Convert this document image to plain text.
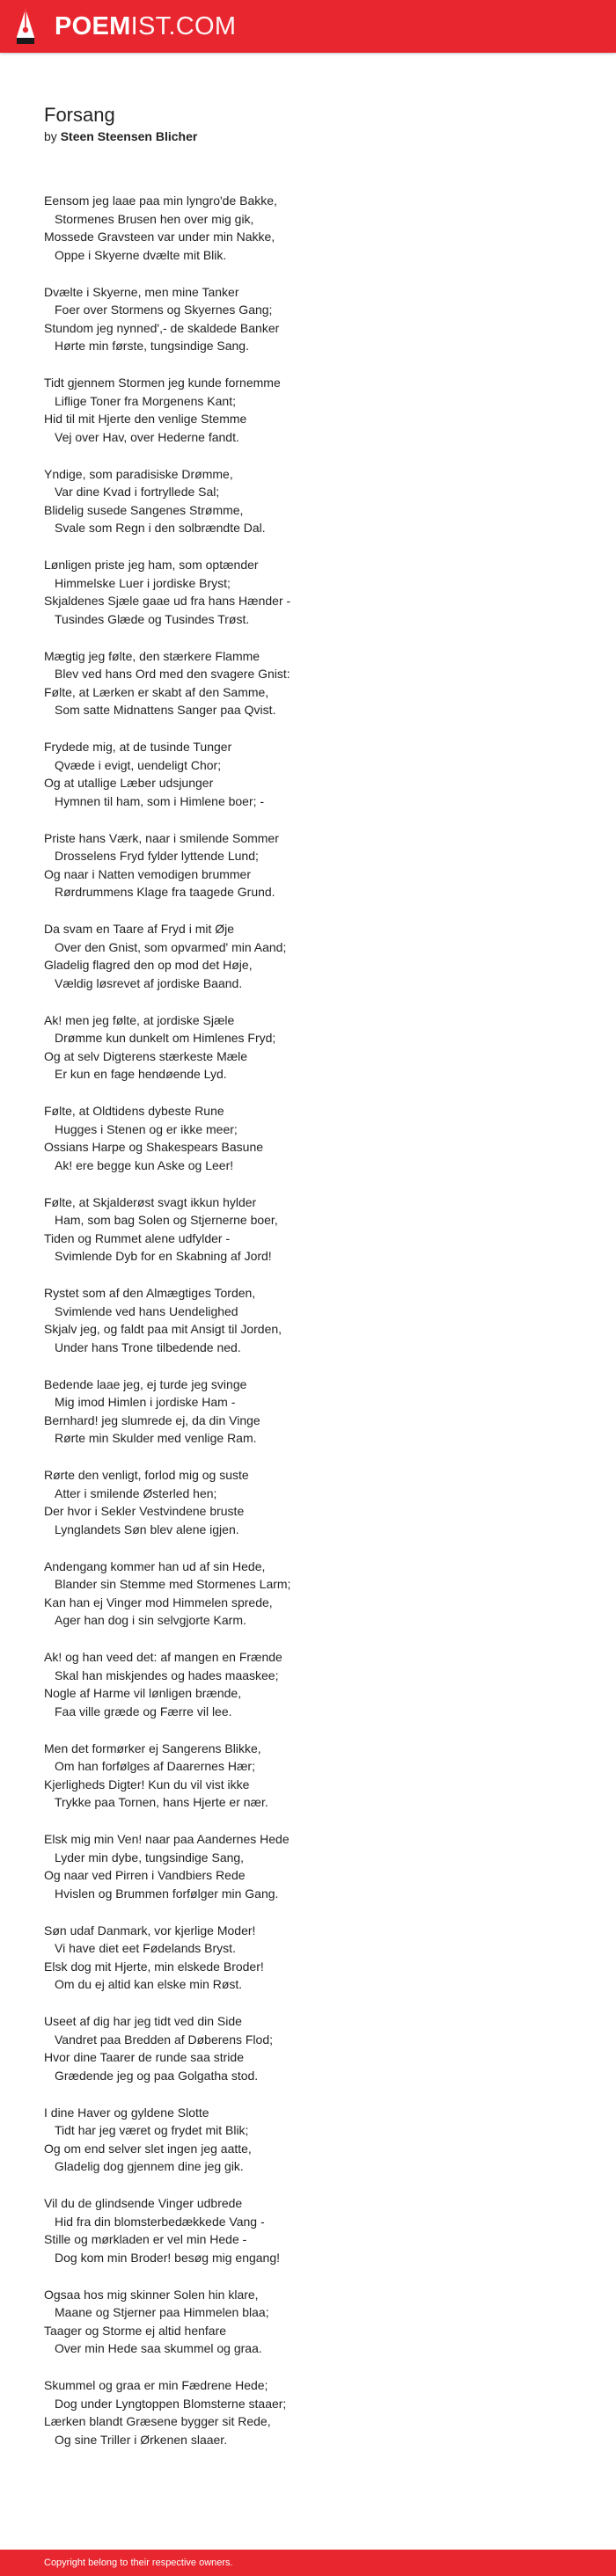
POEMIST.COM
Forsang
by Steen Steensen Blicher
Eensom jeg laae paa min lyngro'de Bakke,
Stormenes Brusen hen over mig gik,
Mossede Gravsteen var under min Nakke,
Oppe i Skyerne dvælte mit Blik.
Dvælte i Skyerne, men mine Tanker
Foer over Stormens og Skyernes Gang;
Stundom jeg nynned',- de skaldede Banker
Hørte min første, tungsindige Sang.
Tidt gjennem Stormen jeg kunde fornemme
Liflige Toner fra Morgenens Kant;
Hid til mit Hjerte den venlige Stemme
Vej over Hav, over Hederne fandt.
Yndige, som paradisiske Drømme,
Var dine Kvad i fortryllede Sal;
Blidelig susede Sangenes Strømme,
Svale som Regn i den solbrændte Dal.
Lønligen priste jeg ham, som optænder
Himmelske Luer i jordiske Bryst;
Skjaldenes Sjæle gaae ud fra hans Hænder -
Tusindes Glæde og Tusindes Trøst.
Mægtig jeg følte, den stærkere Flamme
Blev ved hans Ord med den svagere Gnist:
Følte, at Lærken er skabt af den Samme,
Som satte Midnattens Sanger paa Qvist.
Frydede mig, at de tusinde Tunger
Qvæde i evigt, uendeligt Chor;
Og at utallige Læber udsjunger
Hymnen til ham, som i Himlene boer; -
Priste hans Værk, naar i smilende Sommer
Drosselens Fryd fylder lyttende Lund;
Og naar i Natten vemodigen brummer
Rørdrummens Klage fra taagede Grund.
Da svam en Taare af Fryd i mit Øje
Over den Gnist, som opvarmed' min Aand;
Gladelig flagred den op mod det Høje,
Vældig løsrevet af jordiske Baand.
Ak! men jeg følte, at jordiske Sjæle
Drømme kun dunkelt om Himlenes Fryd;
Og at selv Digterens stærkeste Mæle
Er kun en fage hendøende Lyd.
Følte, at Oldtidens dybeste Rune
Hugges i Stenen og er ikke meer;
Ossians Harpe og Shakespears Basune
Ak! ere begge kun Aske og Leer!
Følte, at Skjalderøst svagt ikkun hylder
Ham, som bag Solen og Stjernerne boer,
Tiden og Rummet alene udfylder -
Svimlende Dyb for en Skabning af Jord!
Rystet som af den Almægtiges Torden,
Svimlende ved hans Uendelighed
Skjalv jeg, og faldt paa mit Ansigt til Jorden,
Under hans Trone tilbedende ned.
Bedende laae jeg, ej turde jeg svinge
Mig imod Himlen i jordiske Ham -
Bernhard! jeg slumrede ej, da din Vinge
Rørte min Skulder med venlige Ram.
Rørte den venligt, forlod mig og suste
Atter i smilende Østerled hen;
Der hvor i Sekler Vestvindene bruste
Lynglandets Søn blev alene igjen.
Andengang kommer han ud af sin Hede,
Blander sin Stemme med Stormenes Larm;
Kan han ej Vinger mod Himmelen sprede,
Ager han dog i sin selvgjorte Karm.
Ak! og han veed det: af mangen en Frænde
Skal han miskjendes og hades maaskee;
Nogle af Harme vil lønligen brænde,
Faa ville græde og Færre vil lee.
Men det formørker ej Sangerens Blikke,
Om han forfølges af Daarernes Hær;
Kjerligheds Digter! Kun du vil vist ikke
Trykke paa Tornen, hans Hjerte er nær.
Elsk mig min Ven! naar paa Aandernes Hede
Lyder min dybe, tungsindige Sang,
Og naar ved Pirren i Vandbiers Rede
Hvislen og Brummen forfølger min Gang.
Søn udaf Danmark, vor kjerlige Moder!
Vi have diet eet Fødelands Bryst.
Elsk dog mit Hjerte, min elskede Broder!
Om du ej altid kan elske min Røst.
Useet af dig har jeg tidt ved din Side
Vandret paa Bredden af Døberens Flod;
Hvor dine Taarer de runde saa stride
Grædende jeg og paa Golgatha stod.
I dine Haver og gyldene Slotte
Tidt har jeg været og frydet mit Blik;
Og om end selver slet ingen jeg aatte,
Gladelig dog gjennem dine jeg gik.
Vil du de glindsende Vinger udbrede
Hid fra din blomsterbedækkede Vang -
Stille og mørkladen er vel min Hede -
Dog kom min Broder! besøg mig engang!
Ogsaa hos mig skinner Solen hin klare,
Maane og Stjerner paa Himmelen blaa;
Taager og Storme ej altid henfare
Over min Hede saa skummel og graa.
Skummel og graa er min Fædrene Hede;
Dog under Lyngtoppen Blomsterne staaer;
Lærken blandt Græsene bygger sit Rede,
Og sine Triller i Ørkenen slaaer.
Copyright belong to their respective owners.
